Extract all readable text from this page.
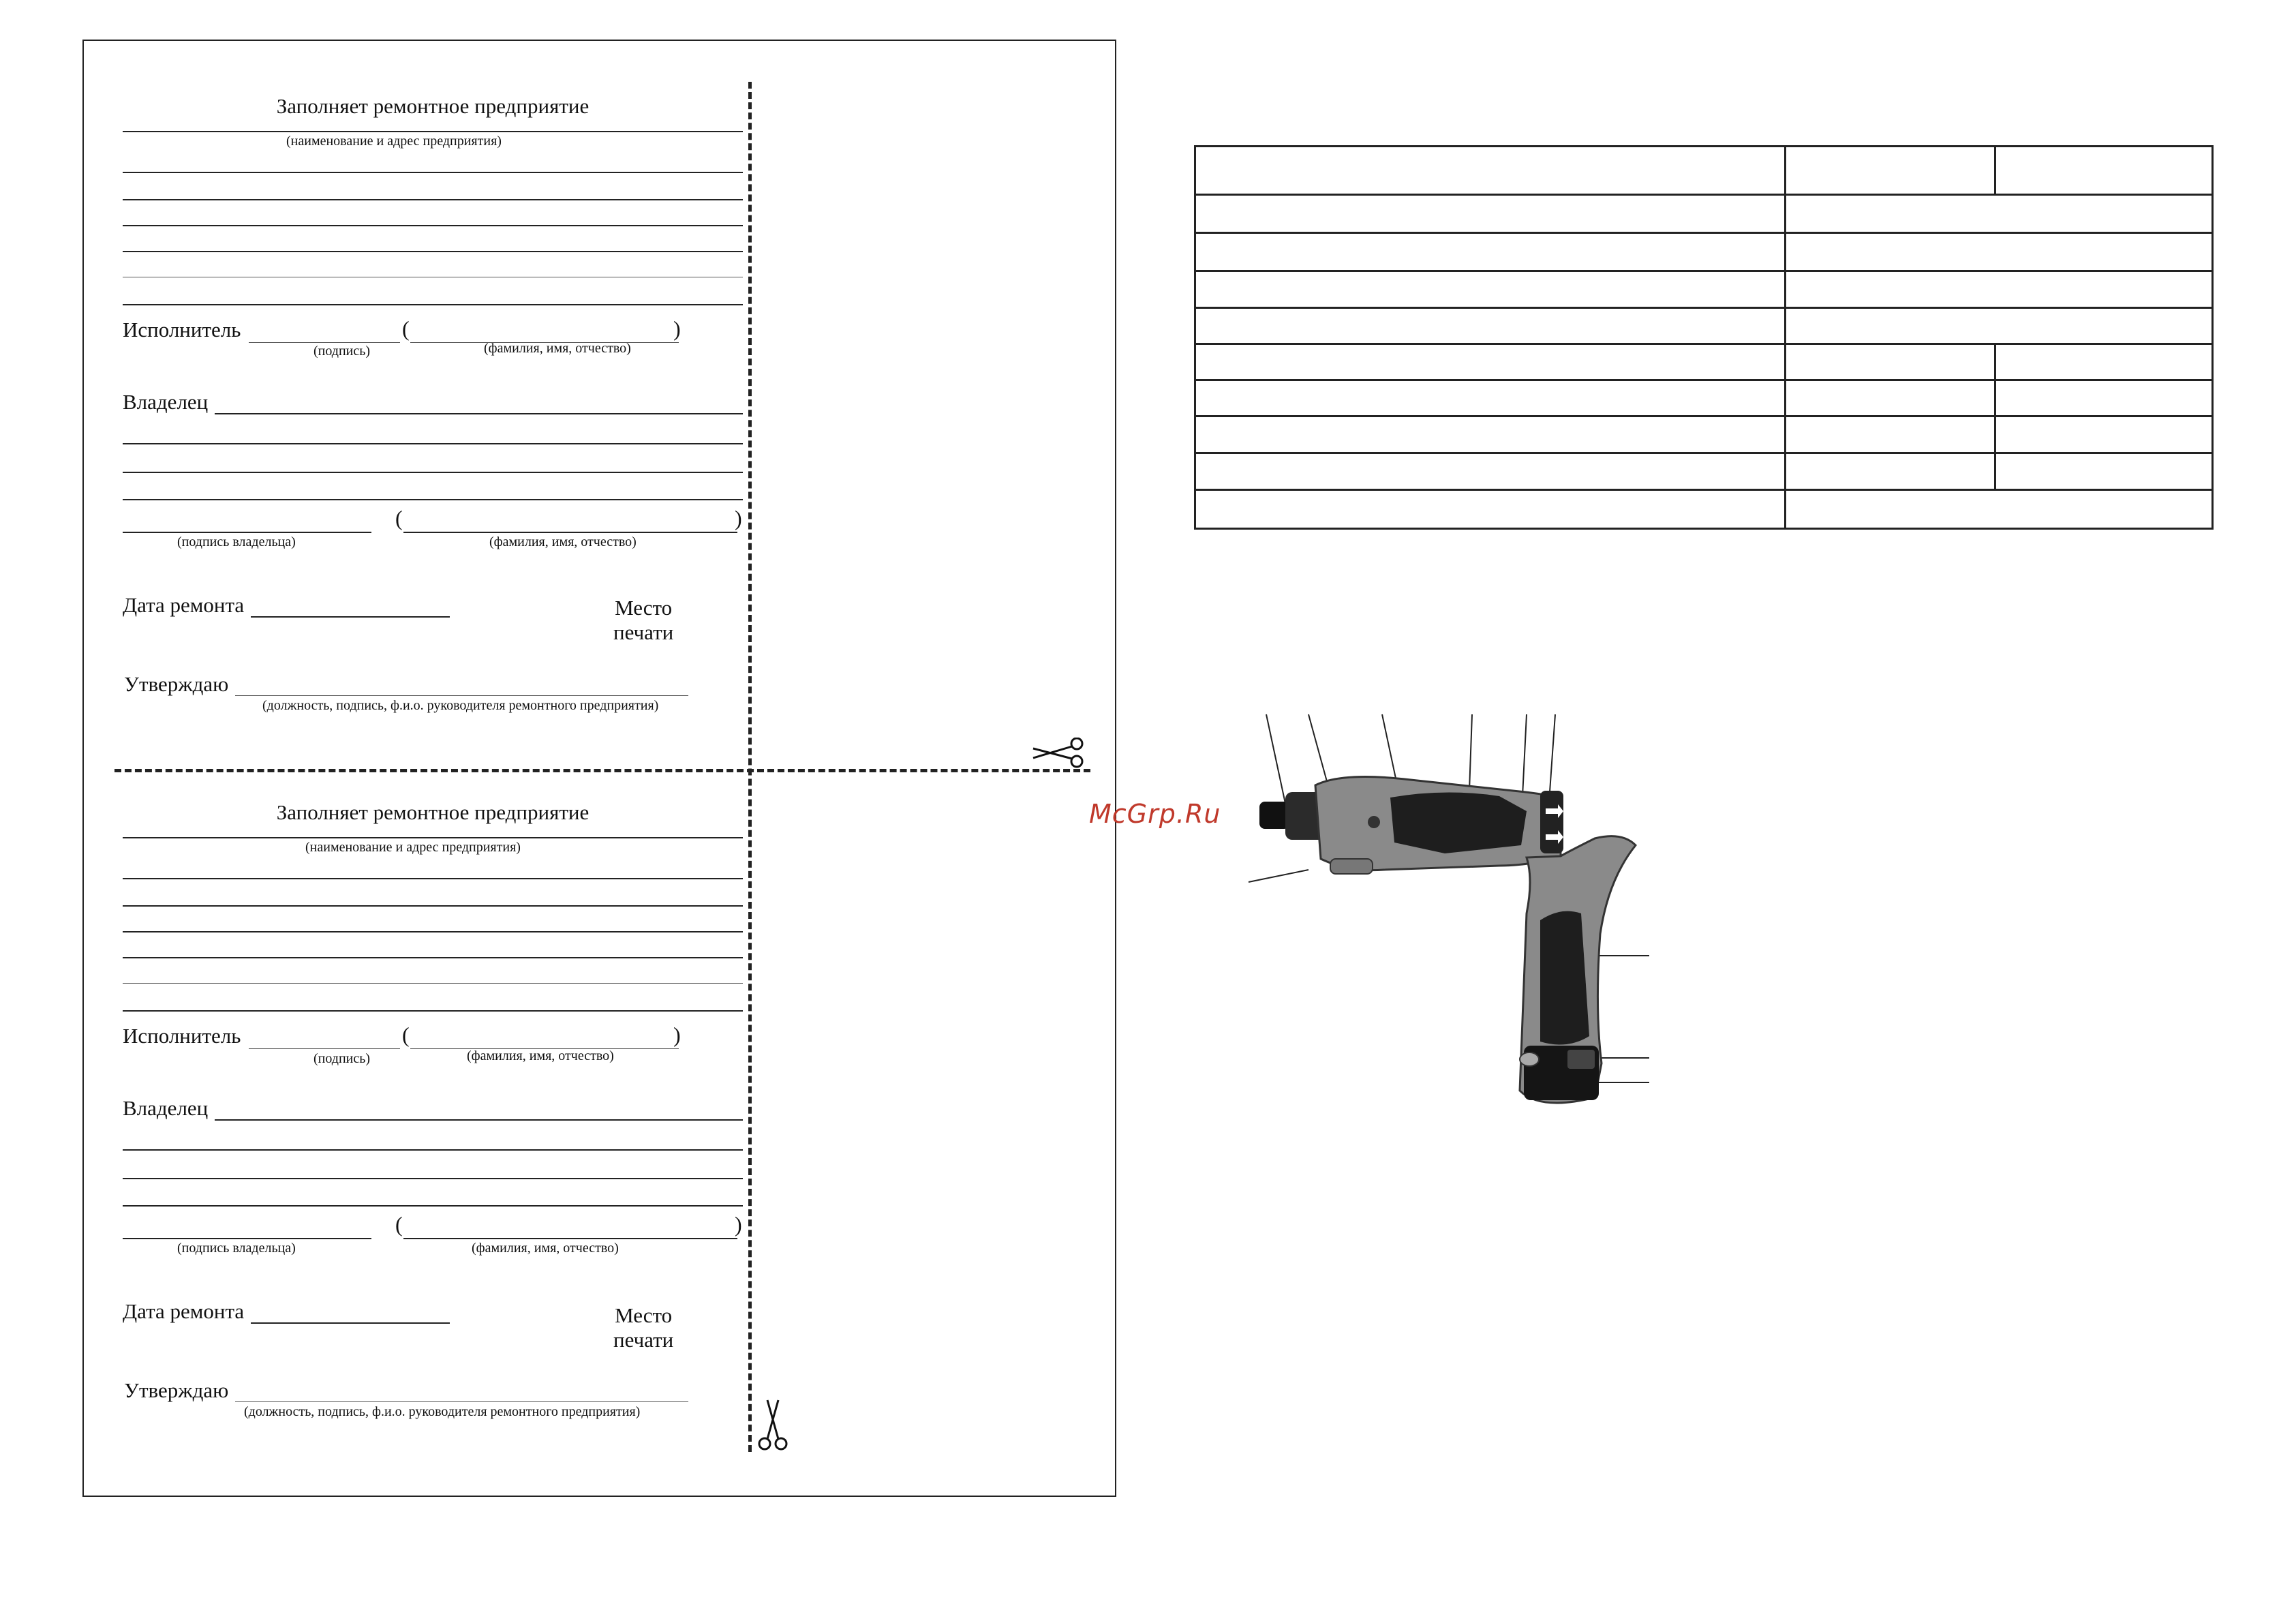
Заполняет ремонтное предприятие
(наименование и адрес предприятия)
Исполнитель	(	)
(подпись)	(фамилия, имя, отчество)
Владелец
(	)
(подпись владельца)	(фамилия, имя, отчество)
Дата ремонта	Место
печати
Утверждаю
(должность, подпись, ф.и.о. руководителя ремонтного предприятия)
Заполняет ремонтное предприятие
(наименование и адрес предприятия)
Исполнитель	(	)
(подпись)	(фамилия, имя, отчество)
Владелец
(	)
(подпись владельца)	(фамилия, имя, отчество)
Дата ремонта	Место
печати
Утверждаю
(должность, подпись, ф.и.о. руководителя ремонтного предприятия)

McGrp.Ru
